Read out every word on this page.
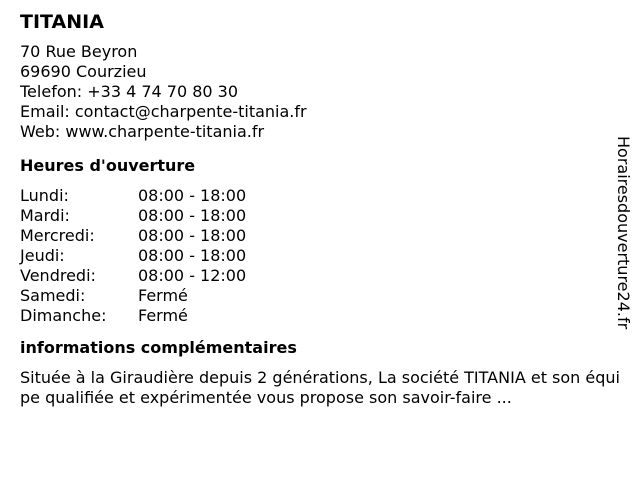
TITANIA
70 Rue Beyron
69690 Courzieu
Telefon: +33 4 74 70 80 30
Email: contact@charpente-titania.fr
Web: www.charpente-titania.fr
Heures d'ouverture
Lundi:	08:00 - 18:00
Mardi:	08:00 - 18:00
Mercredi:	08:00 - 18:00
Jeudi:	08:00 - 18:00
Vendredi:	08:00 - 12:00
Samedi:	Fermé
Dimanche:	Fermé
informations complémentaires
Située à la Giraudière depuis 2 générations, La société TITANIA et son équipe qualifiée et expérimentée vous propose son savoir-faire ...
Horairesdouverture24.fr
